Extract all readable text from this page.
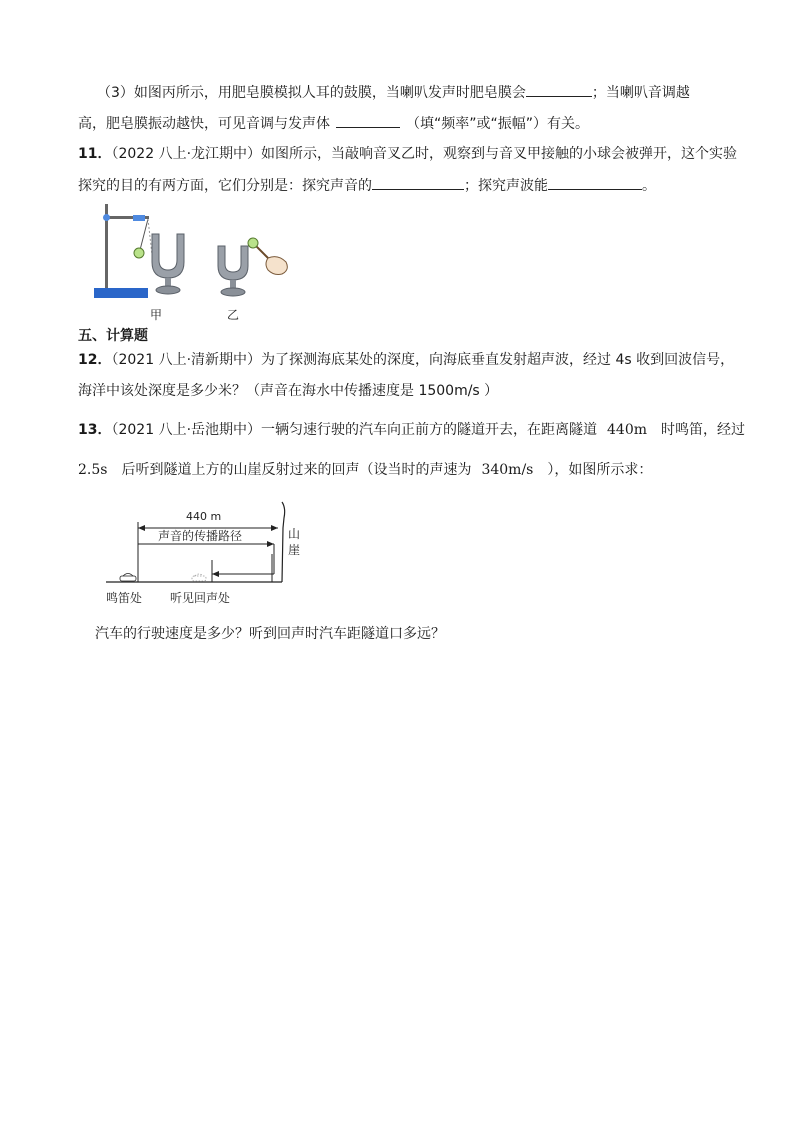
（3）如图丙所示，用肥皂膜模拟人耳的鼓膜，当喇叭发声时肥皂膜会	；当喇叭音调越
高，肥皂膜振动越快，可见音调与发声体	（填“频率”或“振幅”）有关。
11．（2022 八上·龙江期中）如图所示，当敲响音叉乙时，观察到与音叉甲接触的小球会被弹开，这个实验
探究的目的有两方面，它们分别是：探究声音的	；探究声波能	。
甲	乙
五、计算题
12．（2021 八上·清新期中）为了探测海底某处的深度，向海底垂直发射超声波，经过 4s 收到回波信号，
海洋中该处深度是多少米？（声音在海水中传播速度是 1500m/s ）
13．（2021 八上·岳池期中）一辆匀速行驶的汽车向正前方的隧道开去，在距离隧道 440m 时鸣笛，经过
2.5s 后听到隧道上方的山崖反射过来的回声（设当时的声速为 340m/s ），如图所示求：
440 m
声音的传播路径	山崖
鸣笛处 听见回声处
汽车的行驶速度是多少？听到回声时汽车距隧道口多远？
